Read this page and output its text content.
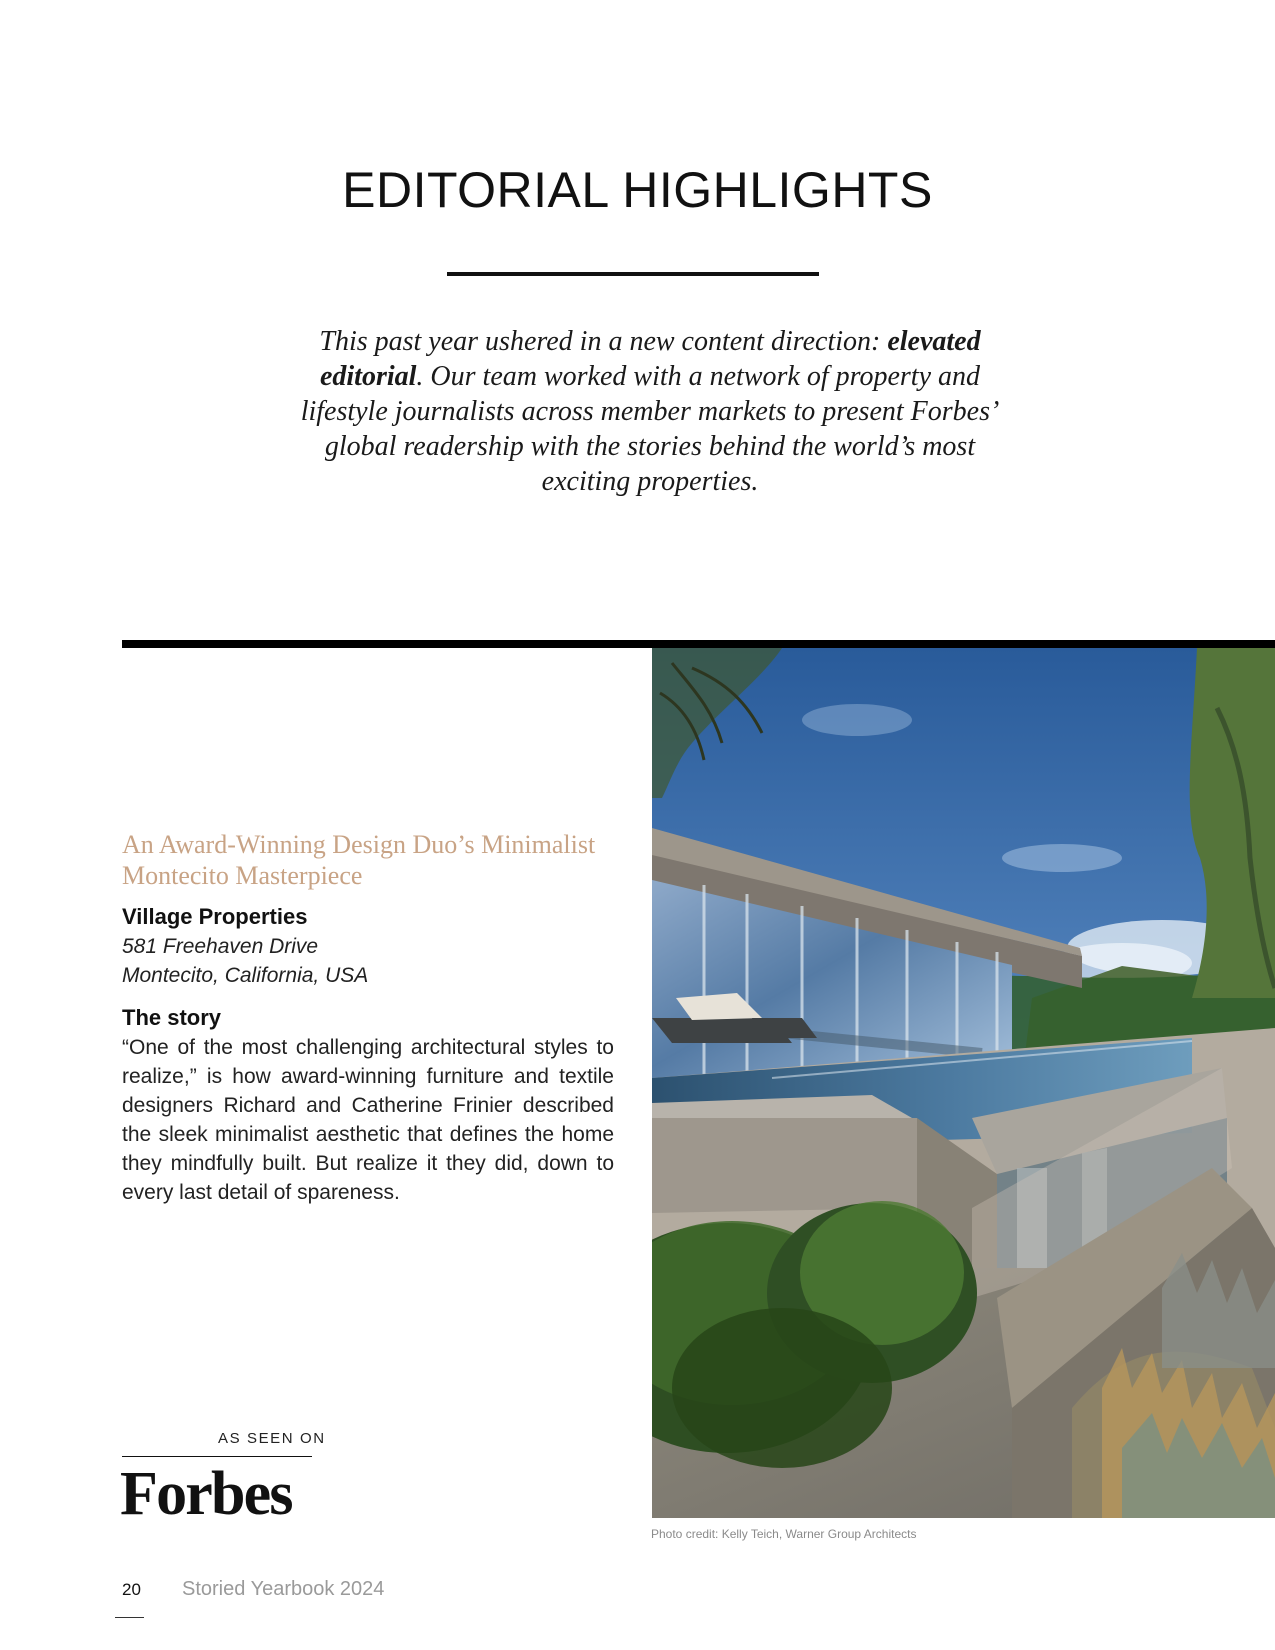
EDITORIAL HIGHLIGHTS
This past year ushered in a new content direction: elevated editorial. Our team worked with a network of property and lifestyle journalists across member markets to present Forbes’ global readership with the stories behind the world’s most exciting properties.
An Award-Winning Design Duo’s Minimalist Montecito Masterpiece
Village Properties
581 Freehaven Drive
Montecito, California, USA
The story
“One of the most challenging architectural styles to realize,” is how award-winning furniture and textile designers Richard and Catherine Frinier described the sleek minimalist aesthetic that defines the home they mindfully built. But realize it they did, down to every last detail of spareness.
Photo credit: Kelly Teich, Warner Group Architects
AS SEEN ON
Forbes
20 Storied Yearbook 2024
